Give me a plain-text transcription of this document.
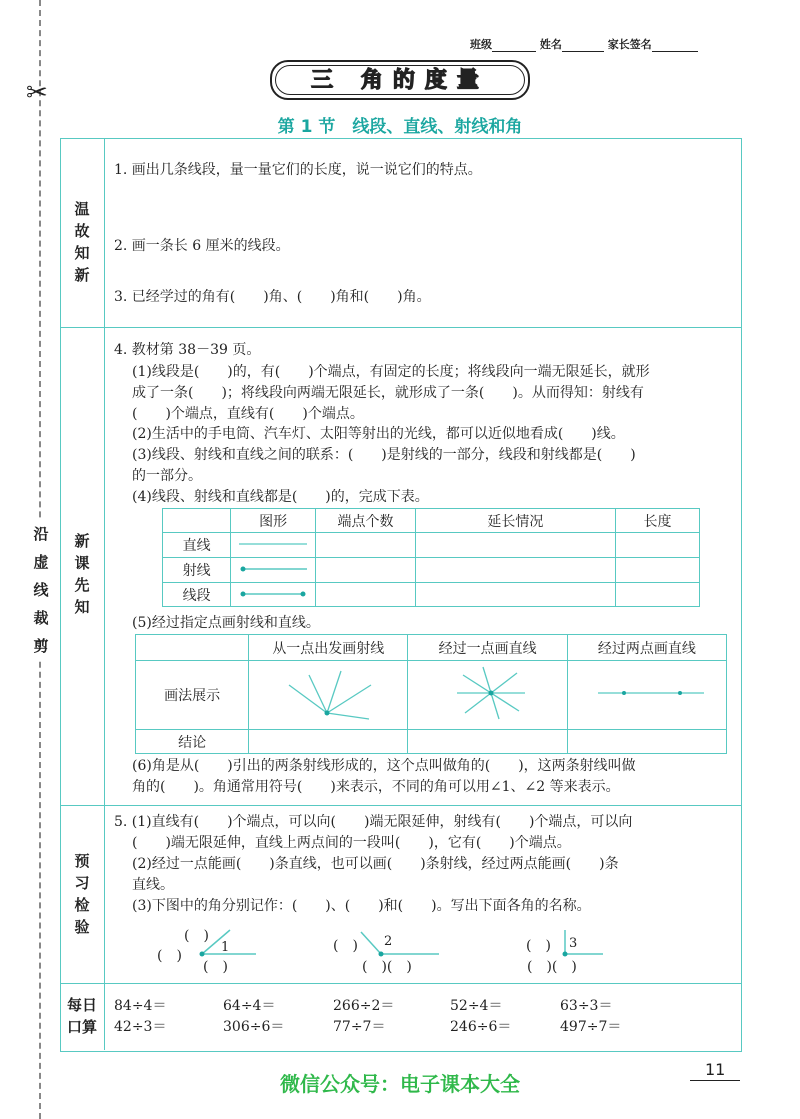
✂
沿
虚
线
裁
剪
班级	姓名	家长签名
三 角的度量
第 1 节　线段、直线、射线和角
温
故
知
新
新
课
先
知
预
习
检
验
每日
口算
1. 画出几条线段，量一量它们的长度，说一说它们的特点。
2. 画一条长 6 厘米的线段。
3. 已经学过的角有(　　)角、(　　)角和(　　)角。
4. 教材第 38－39 页。
(1)线段是(　　)的，有(　　)个端点，有固定的长度；将线段向一端无限延长，就形
成了一条(　　)；将线段向两端无限延长，就形成了一条(　　)。从而得知：射线有
(　　)个端点，直线有(　　)个端点。
(2)生活中的手电筒、汽车灯、太阳等射出的光线，都可以近似地看成(　　)线。
(3)线段、射线和直线之间的联系：(　　)是射线的一部分，线段和射线都是(　　)
的一部分。
(4)线段、射线和直线都是(　　)的，完成下表。
	图形	端点个数	延长情况	长度
直线				
射线				
线段				
(5)经过指定点画射线和直线。
	从一点出发画射线	经过一点画直线	经过两点画直线
画法展示			
结论			
(6)角是从(　　)引出的两条射线形成的，这个点叫做角的(　　)，这两条射线叫做
角的(　　)。角通常用符号(　　)来表示，不同的角可以用∠1、∠2 等来表示。
5. (1)直线有(　　)个端点，可以向(　　)端无限延伸，射线有(　　)个端点，可以向
(　　)端无限延伸，直线上两点间的一段叫(　　)，它有(　　)个端点。
(2)经过一点能画(　　)条直线，也可以画(　　)条射线，经过两点能画(　　)条
直线。
(3)下图中的角分别记作：(　　)、(　　)和(　　)。写出下面各角的名称。
1
(　)
(　)
(　)
2
(　)
(　)(　)
3
(　)
(　)(　)
84÷4＝	64÷4＝	266÷2＝	52÷4＝	63÷3＝
42÷3＝	306÷6＝	77÷7＝	246÷6＝	497÷7＝
11
微信公众号：电子课本大全
